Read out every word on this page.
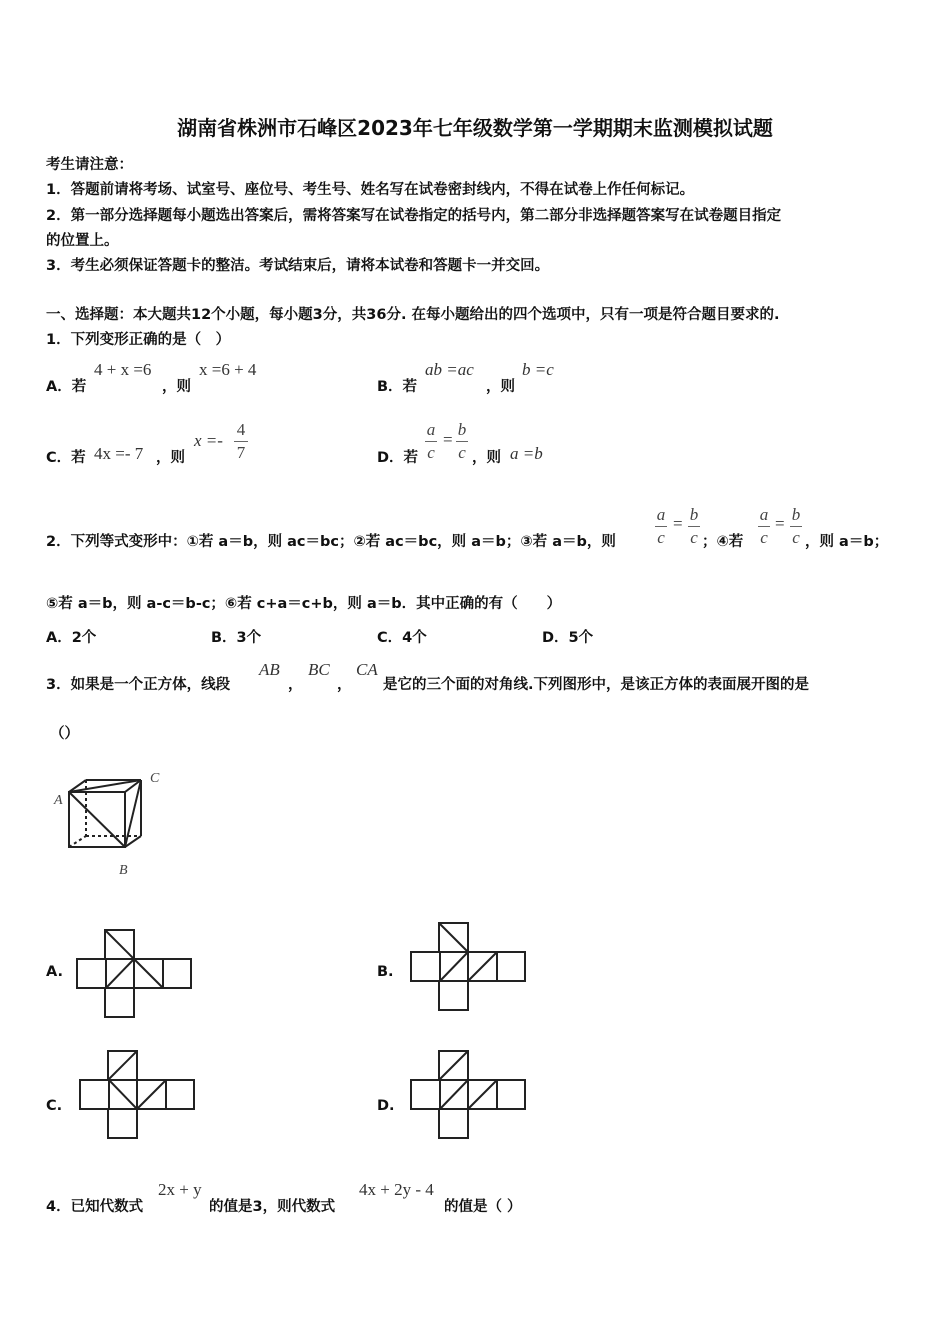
湖南省株洲市石峰区2023年七年级数学第一学期期末监测模拟试题
考生请注意：
1．答题前请将考场、试室号、座位号、考生号、姓名写在试卷密封线内，不得在试卷上作任何标记。
2．第一部分选择题每小题选出答案后，需将答案写在试卷指定的括号内，第二部分非选择题答案写在试卷题目指定
的位置上。
3．考生必须保证答题卡的整洁。考试结束后，请将本试卷和答题卡一并交回。
一、选择题：本大题共12个小题，每小题3分，共36分. 在每小题给出的四个选项中，只有一项是符合题目要求的.
1．下列变形正确的是（　）
A．若
4 + x =6
，则
x =6 + 4
B．若
ab =ac
，则
b =c
C．若 4x =- 7 ，则
x =-
4
7	D．若
a
c
=
b
c ，则 a =b
2．下列等式变形中：①若 a＝b，则 ac＝bc；②若 ac＝bc，则 a＝b；③若 a＝b，则
a
c
= b
c ；④若
a
c
= b
c ，则 a＝b；
⑤若 a＝b，则 a-c＝b-c；⑥若 c+a＝c+b，则 a＝b．其中正确的有（　　）
A．2个	B．3个	C．4个	D．5个
3．如果是一个正方体，线段
AB
，
BC
，
CA
是它的三个面的对角线.下列图形中，是该正方体的表面展开图的是
（）
A
C
B
A.	B.
C.	D.
4．已知代数式
2x + y
的值是3，则代数式
4x + 2y - 4
的值是（ ）
